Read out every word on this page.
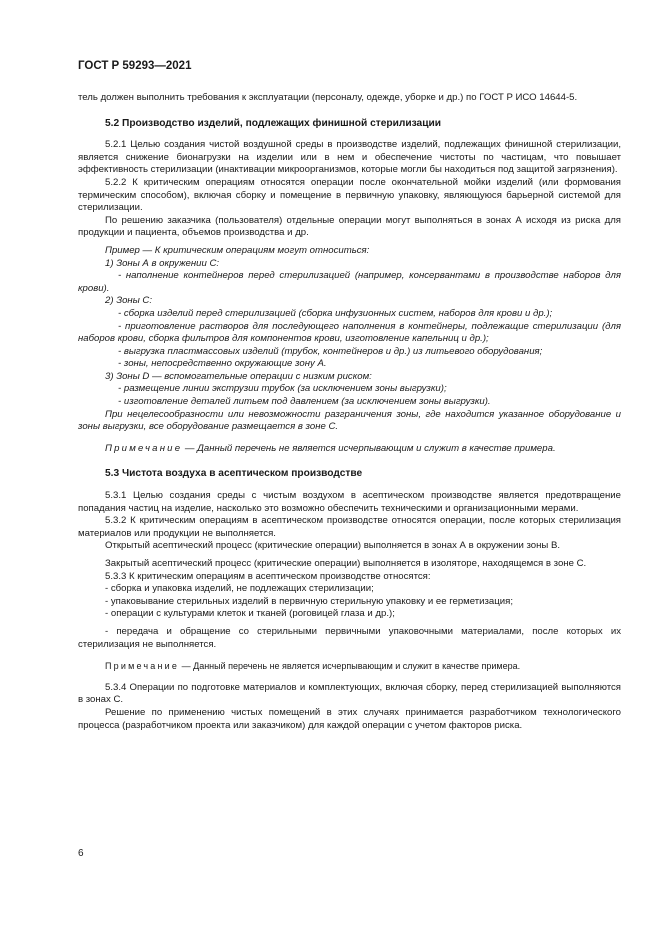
ГОСТ Р 59293—2021

тель должен выполнить требования к эксплуатации (персоналу, одежде, уборке и др.) по ГОСТ Р ИСО 14644-5.

5.2 Производство изделий, подлежащих финишной стерилизации

5.2.1 Целью создания чистой воздушной среды в производстве изделий, подлежащих финишной стерилизации, является снижение бионагрузки на изделии или в нем и обеспечение чистоты по частицам, что повышает эффективность стерилизации (инактивации микроорганизмов, которые могли бы находиться под защитой загрязнения).

5.2.2 К критическим операциям относятся операции после окончательной мойки изделий (или формования термическим способом), включая сборку и помещение в первичную упаковку, являющуюся барьерной системой для стерилизации.

По решению заказчика (пользователя) отдельные операции могут выполняться в зонах А исходя из риска для продукции и пациента, объемов производства и др.

Пример — К критическим операциям могут относиться:

1) Зоны А в окружении С:

- наполнение контейнеров перед стерилизацией (например, консервантами в производстве наборов для крови).

2) Зоны С:

- сборка изделий перед стерилизацией (сборка инфузионных систем, наборов для крови и др.);

- приготовление растворов для последующего наполнения в контейнеры, подлежащие стерилизации (для наборов крови, сборка фильтров для компонентов крови, изготовление капельниц и др.);

- выгрузка пластмассовых изделий (трубок, контейнеров и др.) из литьевого оборудования;

- зоны, непосредственно окружающие зону А.

3) Зоны D — вспомогательные операции с низким риском:

- размещение линии экструзии трубок (за исключением зоны выгрузки);

- изготовление деталей литьем под давлением (за исключением зоны выгрузки).

При нецелесообразности или невозможности разграничения зоны, где находится указанное оборудование и зоны выгрузки, все оборудование размещается в зоне С.

Примечание — Данный перечень не является исчерпывающим и служит в качестве примера.

5.3 Чистота воздуха в асептическом производстве

5.3.1 Целью создания среды с чистым воздухом в асептическом производстве является предотвращение попадания частиц на изделие, насколько это возможно обеспечить техническими и организационными мерами.

5.3.2 К критическим операциям в асептическом производстве относятся операции, после которых стерилизация материалов или продукции не выполняется.

Открытый асептический процесс (критические операции) выполняется в зонах А в окружении зоны В.

Закрытый асептический процесс (критические операции) выполняется в изоляторе, находящемся в зоне С.

5.3.3 К критическим операциям в асептическом производстве относятся:

- сборка и упаковка изделий, не подлежащих стерилизации;

- упаковывание стерильных изделий в первичную стерильную упаковку и ее герметизация;

- операции с культурами клеток и тканей (роговицей глаза и др.);

- передача и обращение со стерильными первичными упаковочными материалами, после которых их стерилизация не выполняется.

Примечание — Данный перечень не является исчерпывающим и служит в качестве примера.

5.3.4 Операции по подготовке материалов и комплектующих, включая сборку, перед стерилизацией выполняются в зонах С.

Решение по применению чистых помещений в этих случаях принимается разработчиком технологического процесса (разработчиком проекта или заказчиком) для каждой операции с учетом факторов риска.

6
